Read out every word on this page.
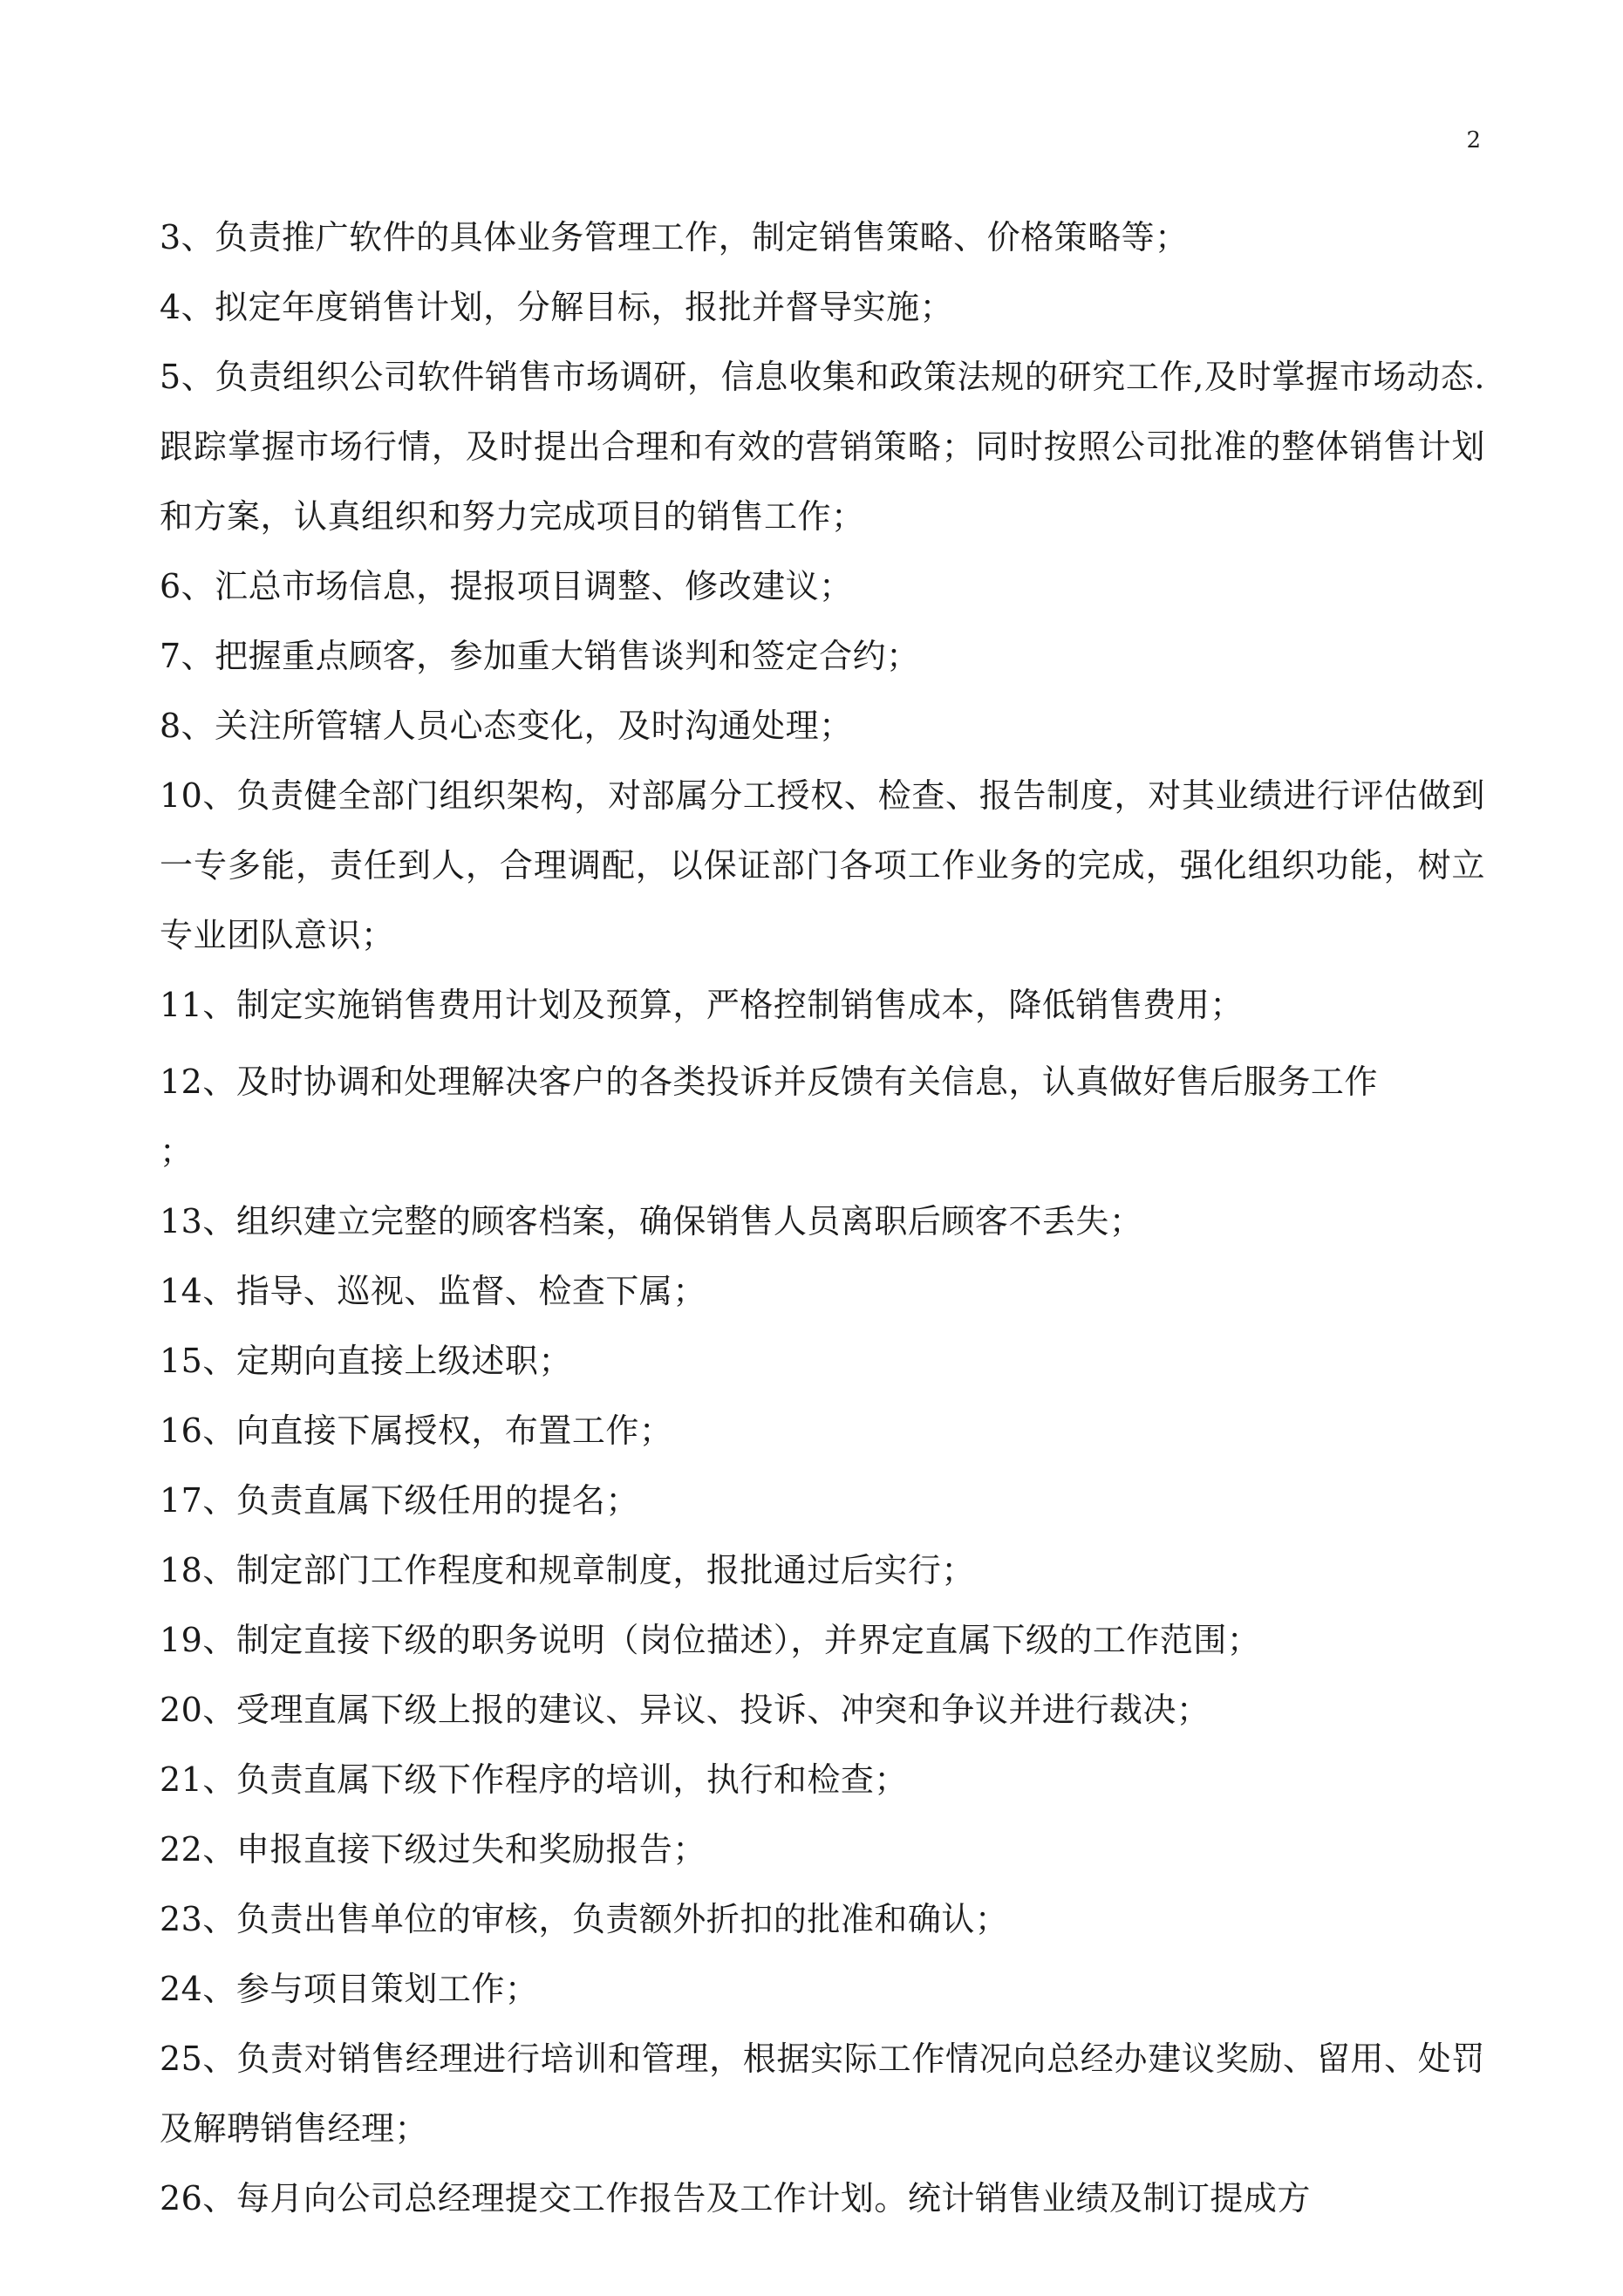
2

3、负责推广软件的具体业务管理工作，制定销售策略、价格策略等；

4、拟定年度销售计划，分解目标，报批并督导实施；

5、负责组织公司软件销售市场调研，信息收集和政策法规的研究工作,及时掌握市场动态.跟踪掌握市场行情，及时提出合理和有效的营销策略；同时按照公司批准的整体销售计划和方案，认真组织和努力完成项目的销售工作；

6、汇总市场信息，提报项目调整、修改建议；

7、把握重点顾客，参加重大销售谈判和签定合约；

8、关注所管辖人员心态变化，及时沟通处理；

10、负责健全部门组织架构，对部属分工授权、检查、报告制度，对其业绩进行评估做到一专多能，责任到人，合理调配，以保证部门各项工作业务的完成，强化组织功能，树立专业团队意识；

11、制定实施销售费用计划及预算，严格控制销售成本，降低销售费用；

12、及时协调和处理解决客户的各类投诉并反馈有关信息，认真做好售后服务工作

；

13、组织建立完整的顾客档案，确保销售人员离职后顾客不丢失；

14、指导、巡视、监督、检查下属；

15、定期向直接上级述职；

16、向直接下属授权，布置工作；

17、负责直属下级任用的提名；

18、制定部门工作程度和规章制度，报批通过后实行；

19、制定直接下级的职务说明（岗位描述），并界定直属下级的工作范围；

20、受理直属下级上报的建议、异议、投诉、冲突和争议并进行裁决；

21、负责直属下级下作程序的培训，执行和检查；

22、申报直接下级过失和奖励报告；

23、负责出售单位的审核，负责额外折扣的批准和确认；

24、参与项目策划工作；

25、负责对销售经理进行培训和管理，根据实际工作情况向总经办建议奖励、留用、处罚及解聘销售经理；

26、每月向公司总经理提交工作报告及工作计划。统计销售业绩及制订提成方
